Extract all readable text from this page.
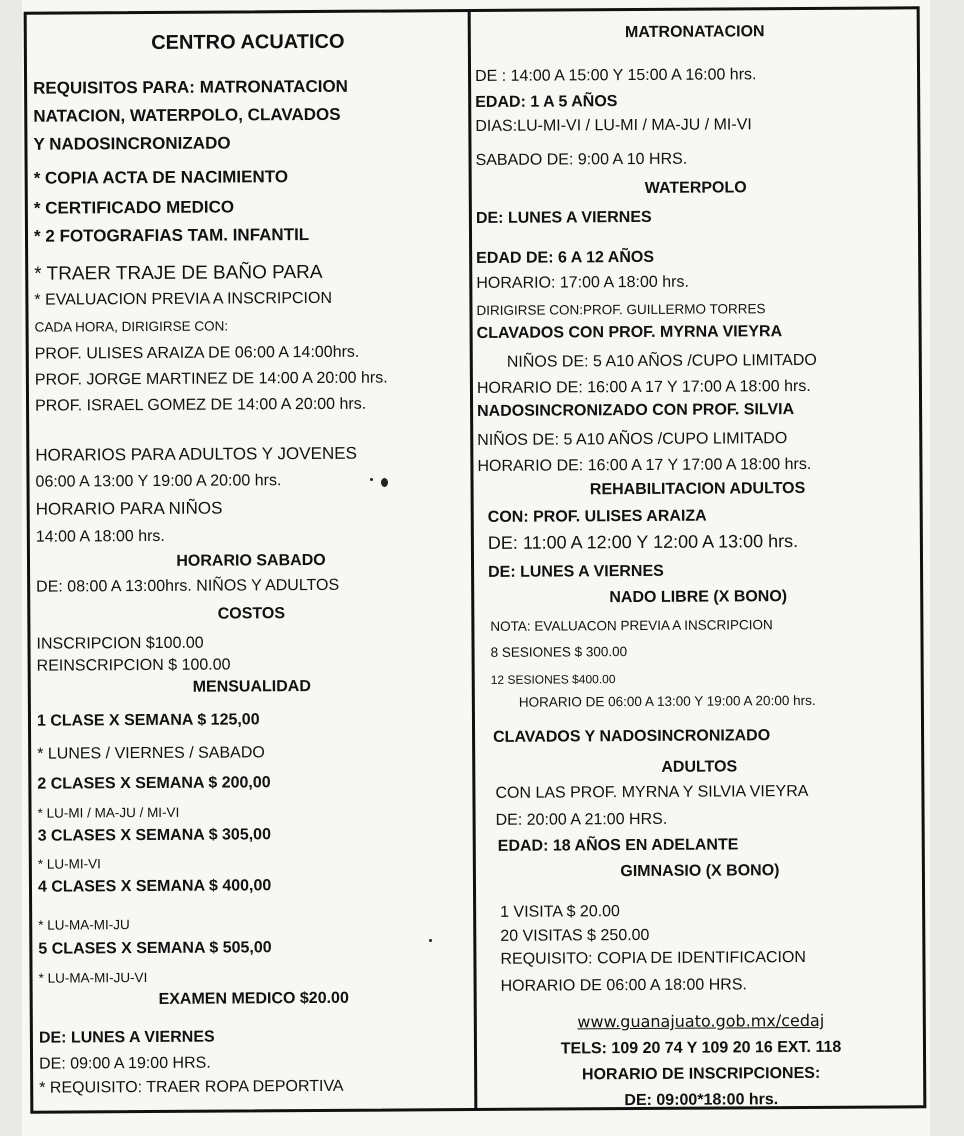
CENTRO ACUATICO
REQUISITOS PARA: MATRONATACION
NATACION, WATERPOLO, CLAVADOS
Y NADOSINCRONIZADO
* COPIA ACTA DE NACIMIENTO
* CERTIFICADO MEDICO
* 2 FOTOGRAFIAS TAM. INFANTIL
* TRAER TRAJE DE BAÑO PARA
* EVALUACION PREVIA A INSCRIPCION
CADA HORA, DIRIGIRSE CON:
PROF. ULISES ARAIZA DE 06:00 A 14:00hrs.
PROF. JORGE MARTINEZ DE 14:00 A 20:00 hrs.
PROF. ISRAEL GOMEZ DE 14:00 A 20:00 hrs.
HORARIOS PARA ADULTOS Y JOVENES
06:00 A 13:00 Y 19:00 A 20:00 hrs.
HORARIO PARA NIÑOS
14:00 A 18:00 hrs.
HORARIO SABADO
DE: 08:00 A 13:00hrs. NIÑOS Y ADULTOS
COSTOS
INSCRIPCION $100.00
REINSCRIPCION $ 100.00
MENSUALIDAD
1 CLASE X SEMANA $ 125,00
* LUNES / VIERNES / SABADO
2 CLASES X SEMANA $ 200,00
* LU-MI / MA-JU / MI-VI
3 CLASES X SEMANA $ 305,00
* LU-MI-VI
4 CLASES X SEMANA $ 400,00
* LU-MA-MI-JU
5 CLASES X SEMANA $ 505,00
* LU-MA-MI-JU-VI
EXAMEN MEDICO $20.00
DE: LUNES A VIERNES
DE: 09:00 A 19:00 HRS.
* REQUISITO: TRAER ROPA DEPORTIVA
MATRONATACION
DE : 14:00 A 15:00 Y 15:00 A 16:00 hrs.
EDAD: 1 A 5 AÑOS
DIAS:LU-MI-VI / LU-MI / MA-JU / MI-VI
SABADO DE: 9:00 A 10 HRS.
WATERPOLO
DE: LUNES A VIERNES
EDAD DE: 6 A 12 AÑOS
HORARIO: 17:00 A 18:00 hrs.
DIRIGIRSE CON:PROF. GUILLERMO TORRES
CLAVADOS CON PROF. MYRNA VIEYRA
NIÑOS DE: 5 A10 AÑOS /CUPO LIMITADO
HORARIO DE: 16:00 A 17 Y 17:00 A 18:00 hrs.
NADOSINCRONIZADO CON PROF. SILVIA
NIÑOS DE: 5 A10 AÑOS /CUPO LIMITADO
HORARIO DE: 16:00 A 17 Y 17:00 A 18:00 hrs.
REHABILITACION ADULTOS
CON: PROF. ULISES ARAIZA
DE: 11:00 A 12:00 Y 12:00 A 13:00 hrs.
DE: LUNES A VIERNES
NADO LIBRE (X BONO)
NOTA: EVALUACON PREVIA A INSCRIPCION
8 SESIONES $ 300.00
12 SESIONES $400.00
HORARIO DE 06:00 A 13:00 Y 19:00 A 20:00 hrs.
CLAVADOS Y NADOSINCRONIZADO
ADULTOS
CON LAS PROF. MYRNA Y SILVIA VIEYRA
DE: 20:00 A 21:00 HRS.
EDAD: 18 AÑOS EN ADELANTE
GIMNASIO (X BONO)
1 VISITA $ 20.00
20 VISITAS $ 250.00
REQUISITO: COPIA DE IDENTIFICACION
HORARIO DE 06:00 A 18:00 HRS.
www.guanajuato.gob.mx/cedaj
TELS: 109 20 74 Y 109 20 16 EXT. 118
HORARIO DE INSCRIPCIONES:
DE: 09:00*18:00 hrs.
